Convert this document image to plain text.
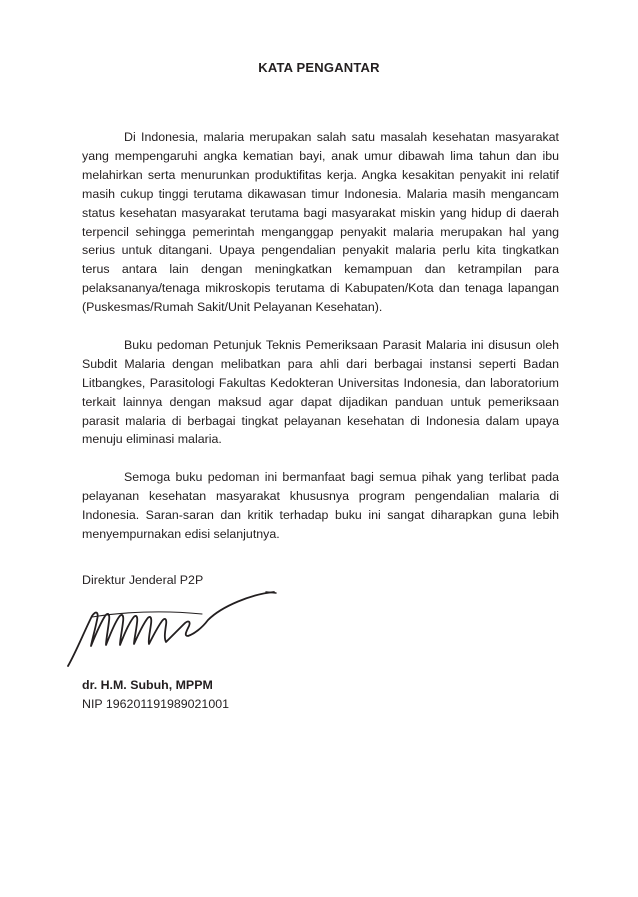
KATA PENGANTAR

Di Indonesia, malaria merupakan salah satu masalah kesehatan masyarakat yang mempengaruhi angka kematian bayi, anak umur dibawah lima tahun dan ibu melahirkan serta menurunkan produktifitas kerja. Angka kesakitan penyakit ini relatif masih cukup tinggi terutama dikawasan timur Indonesia. Malaria masih mengancam status kesehatan masyarakat terutama bagi masyarakat miskin yang hidup di daerah terpencil sehingga pemerintah menganggap penyakit malaria merupakan hal yang serius untuk ditangani. Upaya pengendalian penyakit malaria perlu kita tingkatkan terus antara lain dengan meningkatkan kemampuan dan ketrampilan para pelaksananya/tenaga mikroskopis terutama di Kabupaten/Kota dan tenaga lapangan (Puskesmas/Rumah Sakit/Unit Pelayanan Kesehatan).

Buku pedoman Petunjuk Teknis Pemeriksaan Parasit Malaria ini disusun oleh Subdit Malaria dengan melibatkan para ahli dari berbagai instansi seperti Badan Litbangkes, Parasitologi Fakultas Kedokteran Universitas Indonesia, dan laboratorium terkait lainnya dengan maksud agar dapat dijadikan panduan untuk pemeriksaan parasit malaria di berbagai tingkat pelayanan kesehatan di Indonesia dalam upaya menuju eliminasi malaria.

Semoga buku pedoman ini bermanfaat bagi semua pihak yang terlibat pada pelayanan kesehatan masyarakat khususnya program pengendalian malaria di Indonesia. Saran-saran dan kritik terhadap buku ini sangat diharapkan guna lebih menyempurnakan edisi selanjutnya.

Direktur Jenderal P2P
dr. H.M. Subuh, MPPM
NIP 196201191989021001
